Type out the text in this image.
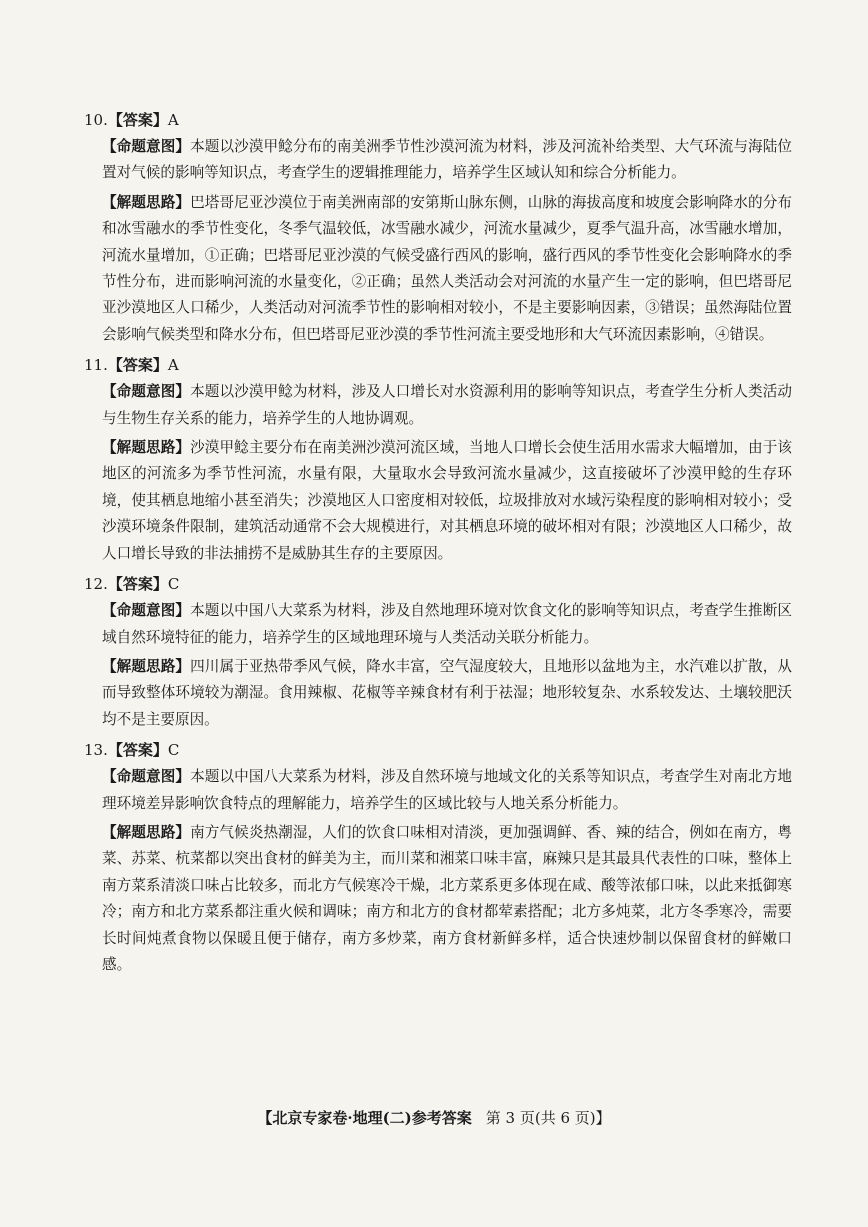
10.【答案】A

【命题意图】本题以沙漠甲鲶分布的南美洲季节性沙漠河流为材料，涉及河流补给类型、大气环流与海陆位置对气候的影响等知识点，考查学生的逻辑推理能力，培养学生区域认知和综合分析能力。

【解题思路】巴塔哥尼亚沙漠位于南美洲南部的安第斯山脉东侧，山脉的海拔高度和坡度会影响降水的分布和冰雪融水的季节性变化，冬季气温较低，冰雪融水减少，河流水量减少，夏季气温升高，冰雪融水增加，河流水量增加，①正确；巴塔哥尼亚沙漠的气候受盛行西风的影响，盛行西风的季节性变化会影响降水的季节性分布，进而影响河流的水量变化，②正确；虽然人类活动会对河流的水量产生一定的影响，但巴塔哥尼亚沙漠地区人口稀少，人类活动对河流季节性的影响相对较小，不是主要影响因素，③错误；虽然海陆位置会影响气候类型和降水分布，但巴塔哥尼亚沙漠的季节性河流主要受地形和大气环流因素影响，④错误。

11.【答案】A

【命题意图】本题以沙漠甲鲶为材料，涉及人口增长对水资源利用的影响等知识点，考查学生分析人类活动与生物生存关系的能力，培养学生的人地协调观。

【解题思路】沙漠甲鲶主要分布在南美洲沙漠河流区域，当地人口增长会使生活用水需求大幅增加，由于该地区的河流多为季节性河流，水量有限，大量取水会导致河流水量减少，这直接破坏了沙漠甲鲶的生存环境，使其栖息地缩小甚至消失；沙漠地区人口密度相对较低，垃圾排放对水域污染程度的影响相对较小；受沙漠环境条件限制，建筑活动通常不会大规模进行，对其栖息环境的破坏相对有限；沙漠地区人口稀少，故人口增长导致的非法捕捞不是威胁其生存的主要原因。

12.【答案】C

【命题意图】本题以中国八大菜系为材料，涉及自然地理环境对饮食文化的影响等知识点，考查学生推断区域自然环境特征的能力，培养学生的区域地理环境与人类活动关联分析能力。

【解题思路】四川属于亚热带季风气候，降水丰富，空气湿度较大，且地形以盆地为主，水汽难以扩散，从而导致整体环境较为潮湿。食用辣椒、花椒等辛辣食材有利于祛湿；地形较复杂、水系较发达、土壤较肥沃均不是主要原因。

13.【答案】C

【命题意图】本题以中国八大菜系为材料，涉及自然环境与地域文化的关系等知识点，考查学生对南北方地理环境差异影响饮食特点的理解能力，培养学生的区域比较与人地关系分析能力。

【解题思路】南方气候炎热潮湿，人们的饮食口味相对清淡，更加强调鲜、香、辣的结合，例如在南方，粤菜、苏菜、杭菜都以突出食材的鲜美为主，而川菜和湘菜口味丰富，麻辣只是其最具代表性的口味，整体上南方菜系清淡口味占比较多，而北方气候寒冷干燥，北方菜系更多体现在咸、酸等浓郁口味，以此来抵御寒冷；南方和北方菜系都注重火候和调味；南方和北方的食材都荤素搭配；北方多炖菜，北方冬季寒冷，需要长时间炖煮食物以保暖且便于储存，南方多炒菜，南方食材新鲜多样，适合快速炒制以保留食材的鲜嫩口感。

【北京专家卷·地理(二)参考答案 第 3 页(共 6 页)】
